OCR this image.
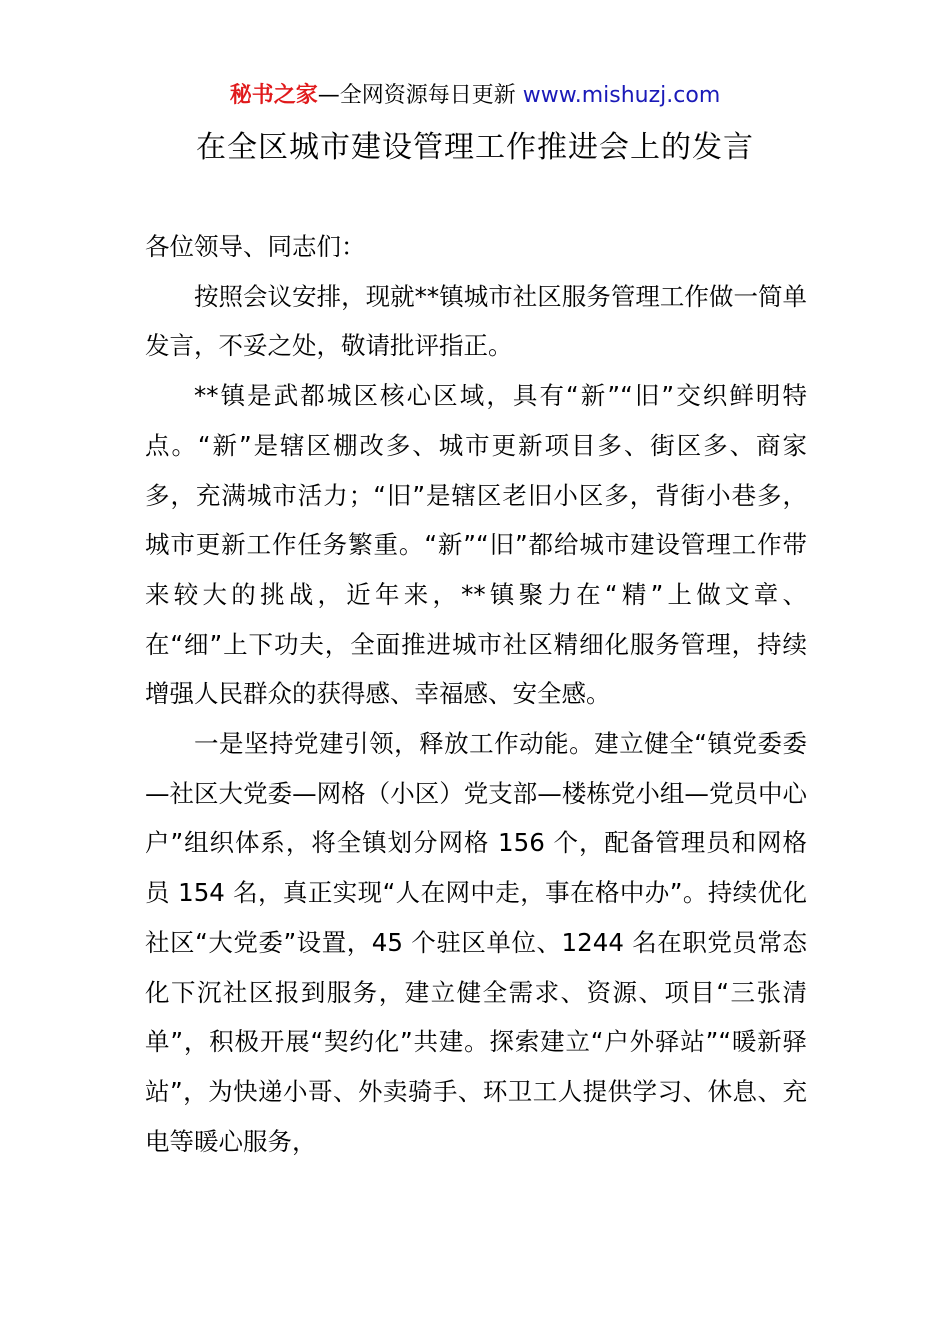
秘书之家—全网资源每日更新 www.mishuzj.com
在全区城市建设管理工作推进会上的发言

各位领导、同志们：

按照会议安排，现就**镇城市社区服务管理工作做一简单发言，不妥之处，敬请批评指正。

**镇是武都城区核心区域，具有“新”“旧”交织鲜明特点。“新”是辖区棚改多、城市更新项目多、街区多、商家多，充满城市活力；“旧”是辖区老旧小区多，背街小巷多，城市更新工作任务繁重。“新”“旧”都给城市建设管理工作带来较大的挑战，近年来，**镇聚力在“精”上做文章、在“细”上下功夫，全面推进城市社区精细化服务管理，持续增强人民群众的获得感、幸福感、安全感。

一是坚持党建引领，释放工作动能。建立健全“镇党委委—社区大党委—网格（小区）党支部—楼栋党小组—党员中心户”组织体系，将全镇划分网格 156 个，配备管理员和网格员 154 名，真正实现“人在网中走，事在格中办”。持续优化社区“大党委”设置，45 个驻区单位、1244 名在职党员常态化下沉社区报到服务，建立健全需求、资源、项目“三张清单”，积极开展“契约化”共建。探索建立“户外驿站”“暖新驿站”，为快递小哥、外卖骑手、环卫工人提供学习、休息、充电等暖心服务，
